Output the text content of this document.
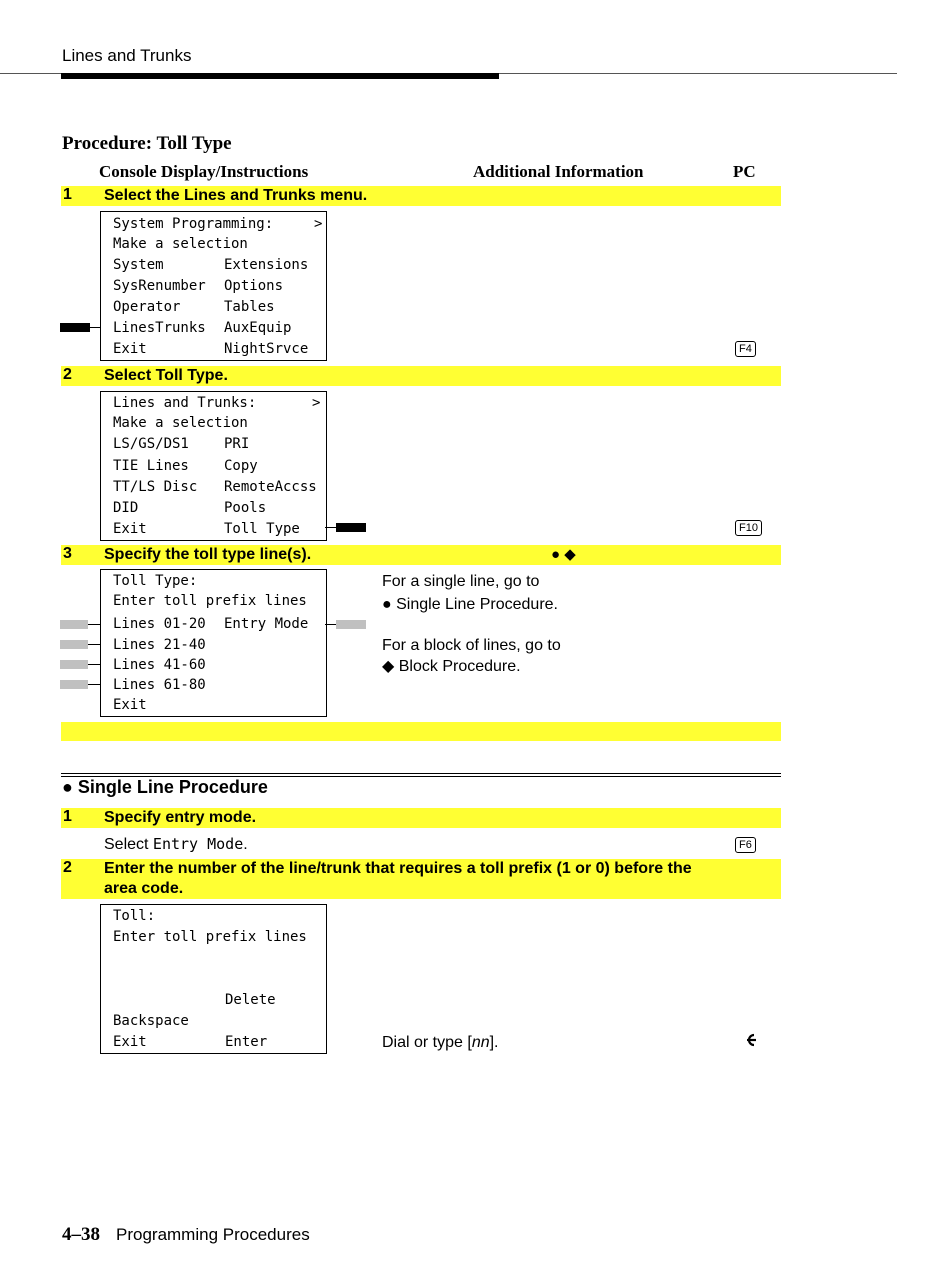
Lines and Trunks
Procedure: Toll Type
Console Display/Instructions	Additional Information	PC
1 Select the Lines and Trunks menu.
System Programming:	>
Make a selection
System	Extensions
SysRenumber Options
Operator	Tables
LinesTrunks AuxEquip
Exit	NightSrvce	F4
2 Select Toll Type.
Lines and Trunks:	>
Make a selection
LS/GS/DS1	PRI
TIE Lines	Copy
TT/LS Disc RemoteAccss
DID	Pools
Exit	Toll Type	F10
3 Specify the toll type line(s).	● ◆
Toll Type:
Enter toll prefix lines
Lines 01-20 Entry Mode
Lines 21-40
Lines 41-60
Lines 61-80
Exit
For a single line, go to
● Single Line Procedure.
For a block of lines, go to
◆ Block Procedure.
● Single Line Procedure
1 Specify entry mode.
Select Entry Mode.	F6
2 Enter the number of the line/trunk that requires a toll prefix (1 or 0) before the
area code.
Toll:
Enter toll prefix lines
Delete
Backspace
Exit	Enter	Dial or type [nn].
4–38 Programming Procedures
